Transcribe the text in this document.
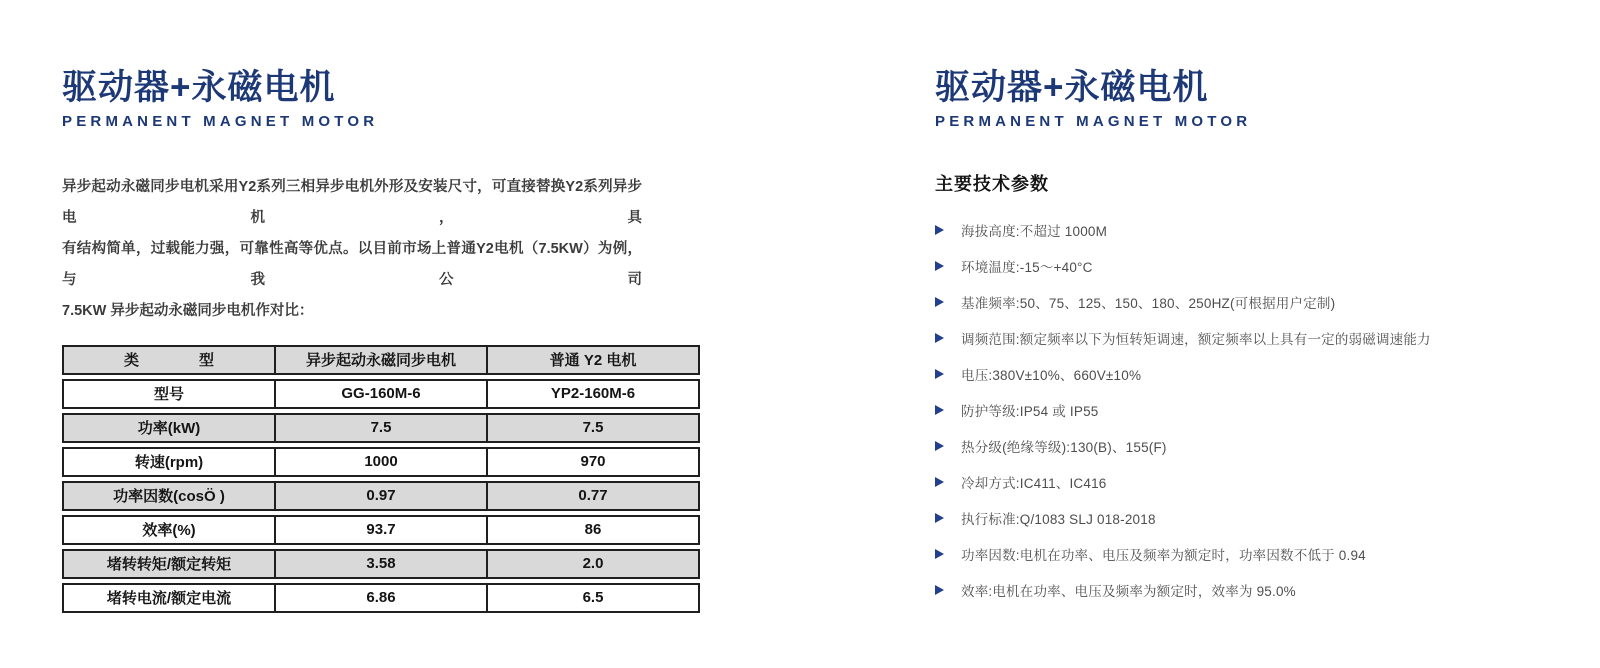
驱动器+永磁电机
PERMANENT MAGNET MOTOR
异步起动永磁同步电机采用Y2系列三相异步电机外形及安装尺寸，可直接替换Y2系列异步电机，具
有结构简单，过载能力强，可靠性高等优点。以目前市场上普通Y2电机（7.5KW）为例，与我公司
7.5KW 异步起动永磁同步电机作对比：
类　　　　型	异步起动永磁同步电机	普通 Y2 电机
型号	GG-160M-6	YP2-160M-6
功率(kW)	7.5	7.5
转速(rpm)	1000	970
功率因数(cosÖ )	0.97	0.77
效率(%)	93.7	86
堵转转矩/额定转矩	3.58	2.0
堵转电流/额定电流	6.86	6.5
驱动器+永磁电机
PERMANENT MAGNET MOTOR
主要技术参数
海拔高度:不超过 1000M
环境温度:-15～+40°C
基准频率:50、75、125、150、180、250HZ(可根据用户定制)
调频范围:额定频率以下为恒转矩调速，额定频率以上具有一定的弱磁调速能力
电压:380V±10%、660V±10%
防护等级:IP54 或 IP55
热分级(绝缘等级):130(B)、155(F)
冷却方式:IC411、IC416
执行标准:Q/1083 SLJ 018-2018
功率因数:电机在功率、电压及频率为额定时，功率因数不低于 0.94
效率:电机在功率、电压及频率为额定时，效率为 95.0%
